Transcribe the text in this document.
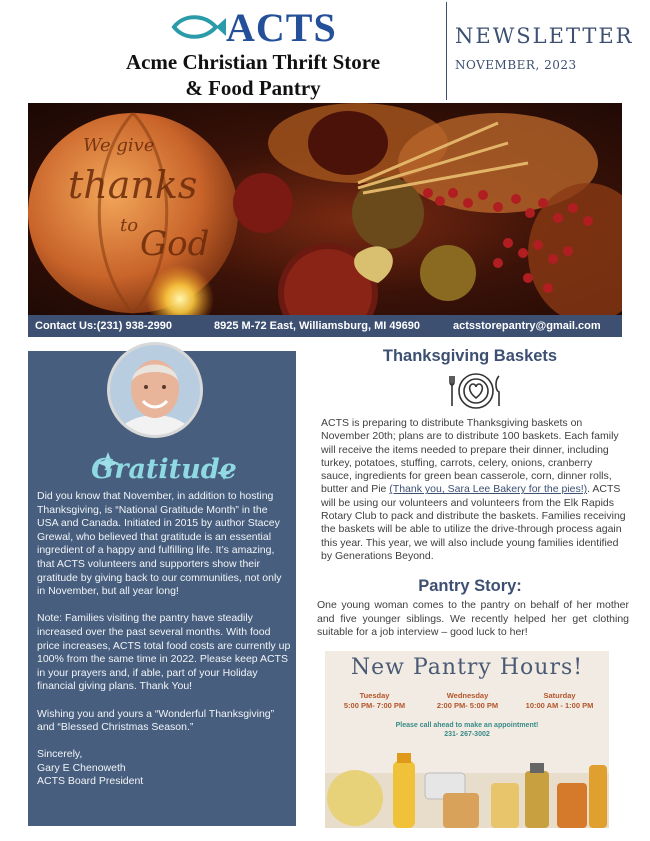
ACTS
Acme Christian Thrift Store
& Food Pantry
NEWSLETTER
NOVEMBER, 2023
We give
thanks
to God
Contact Us:(231) 938-2990	8925 M-72 East, Williamsburg, MI 49690	actsstorepantry@gmail.com
Gratitude

Did you know that November, in addition to hosting Thanksgiving, is “National Gratitude Month” in the USA and Canada. Initiated in 2015 by author Stacey Grewal, who believed that gratitude is an essential ingredient of a happy and fulfilling life. It’s amazing, that ACTS volunteers and supporters show their gratitude by giving back to our communities, not only in November, but all year long!

Note: Families visiting the pantry have steadily increased over the past several months. With food price increases, ACTS total food costs are currently up 100% from the same time in 2022. Please keep ACTS in your prayers and, if able, part of your Holiday financial giving plans. Thank You!

Wishing you and yours a “Wonderful Thanksgiving” and “Blessed Christmas Season.”

Sincerely,
Gary E Chenoweth
ACTS Board President
Thanksgiving Baskets
ACTS is preparing to distribute Thanksgiving baskets on November 20th; plans are to distribute 100 baskets. Each family will receive the items needed to prepare their dinner, including turkey, potatoes, stuffing, carrots, celery, onions, cranberry sauce, ingredients for green bean casserole, corn, dinner rolls, butter and Pie (Thank you, Sara Lee Bakery for the pies!). ACTS will be using our volunteers and volunteers from the Elk Rapids Rotary Club to pack and distribute the baskets. Families receiving the baskets will be able to utilize the drive-through process again this year. This year, we will also include young families identified by Generations Beyond.
Pantry Story:
One young woman comes to the pantry on behalf of her mother and five younger siblings. We recently helped her get clothing suitable for a job interview – good luck to her!
New Pantry Hours!
Tuesday
5:00 PM- 7:00 PM
Wednesday
2:00 PM- 5:00 PM
Saturday
10:00 AM - 1:00 PM
Please call ahead to make an appointment!
231- 267-3002
